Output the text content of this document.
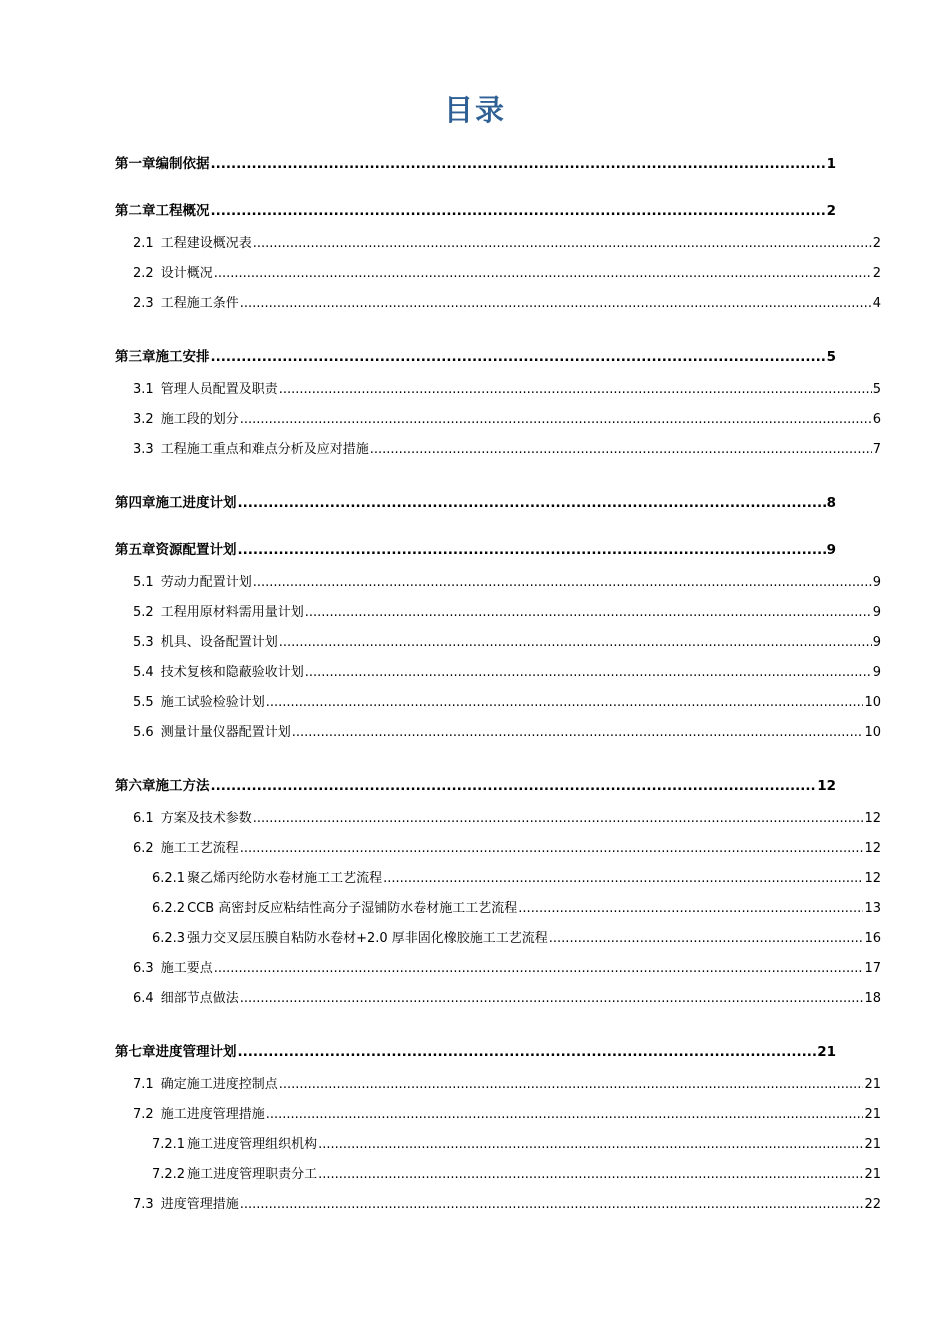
目录
第一章编制依据 .....	1
第二章工程概况 .....	2
2.1 工程建设概况表 .....	2
2.2 设计概况 .....	2
2.3 工程施工条件 .....	4
第三章施工安排 .....	5
3.1 管理人员配置及职责 .....	5
3.2 施工段的划分 .....	6
3.3 工程施工重点和难点分析及应对措施 .....	7
第四章施工进度计划 .....	8
第五章资源配置计划 .....	9
5.1 劳动力配置计划 .....	9
5.2 工程用原材料需用量计划 .....	9
5.3 机具、设备配置计划 .....	9
5.4 技术复核和隐蔽验收计划 .....	9
5.5 施工试验检验计划 .....	10
5.6 测量计量仪器配置计划 .....	10
第六章施工方法 .....	12
6.1 方案及技术参数 .....	12
6.2 施工工艺流程 .....	12
6.2.1 聚乙烯丙纶防水卷材施工工艺流程 .....	12
6.2.2 CCB 高密封反应粘结性高分子湿铺防水卷材施工工艺流程 .....	13
6.2.3 强力交叉层压膜自粘防水卷材+2.0 厚非固化橡胶施工工艺流程 .....	16
6.3 施工要点 .....	17
6.4 细部节点做法 .....	18
第七章进度管理计划 .....	21
7.1 确定施工进度控制点 .....	21
7.2 施工进度管理措施 .....	21
7.2.1 施工进度管理组织机构 .....	21
7.2.2 施工进度管理职责分工 .....	21
7.3 进度管理措施 .....	22
